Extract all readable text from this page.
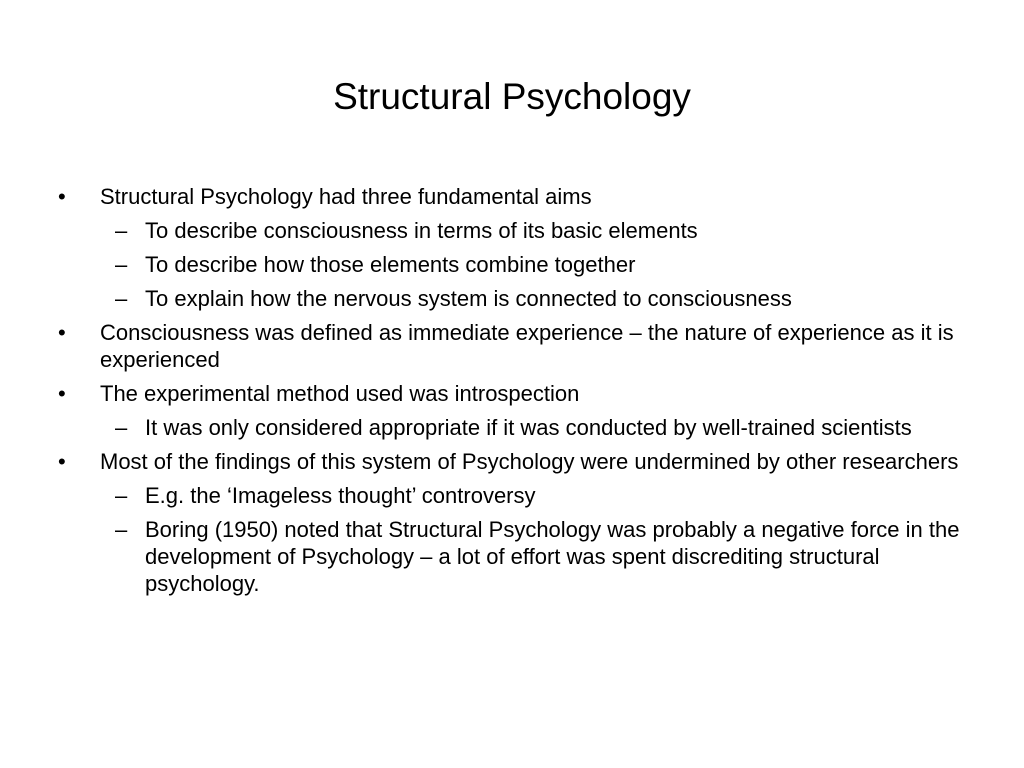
Structural Psychology
• Structural Psychology had three fundamental aims
– To describe consciousness in terms of its basic elements
– To describe how those elements combine together
– To explain how the nervous system is connected to consciousness
• Consciousness was defined as immediate experience – the nature of experience as it is experienced
• The experimental method used was introspection
– It was only considered appropriate if it was conducted by well-trained scientists
• Most of the findings of this system of Psychology were undermined by other researchers
– E.g. the ‘Imageless thought’ controversy
– Boring (1950) noted that Structural Psychology was probably a negative force in the development of Psychology – a lot of effort was spent discrediting structural psychology.
